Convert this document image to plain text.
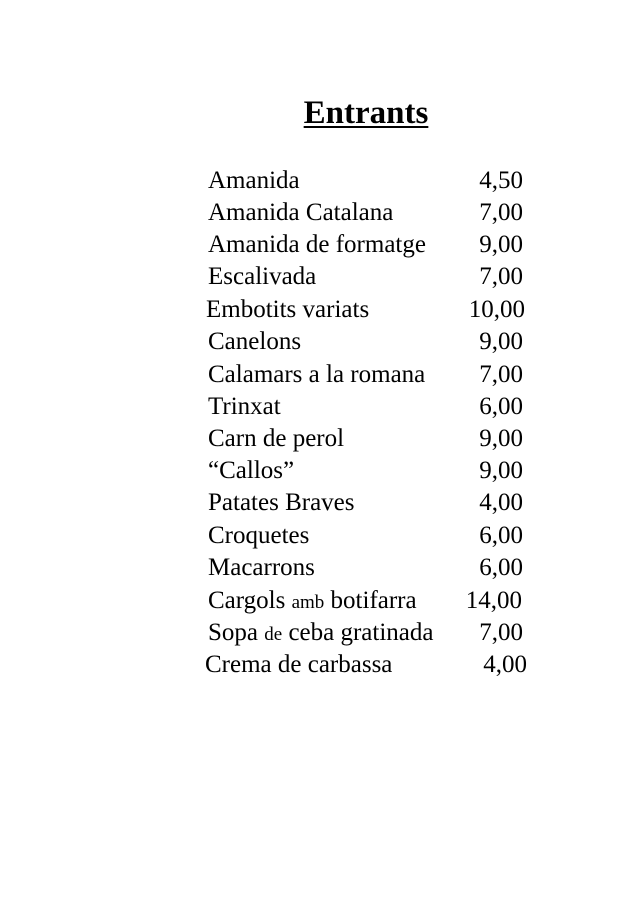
Entrants
Amanida	4,50
Amanida Catalana	7,00
Amanida de formatge 9,00
Escalivada	7,00
Embotits variats	10,00
Canelons	9,00
Calamars a la romana 7,00
Trinxat	6,00
Carn de perol	9,00
“Callos”	9,00
Patates Braves	4,00
Croquetes	6,00
Macarrons	6,00
Cargols amb botifarra 14,00
Sopa de ceba gratinada 7,00
Crema de carbassa	4,00
